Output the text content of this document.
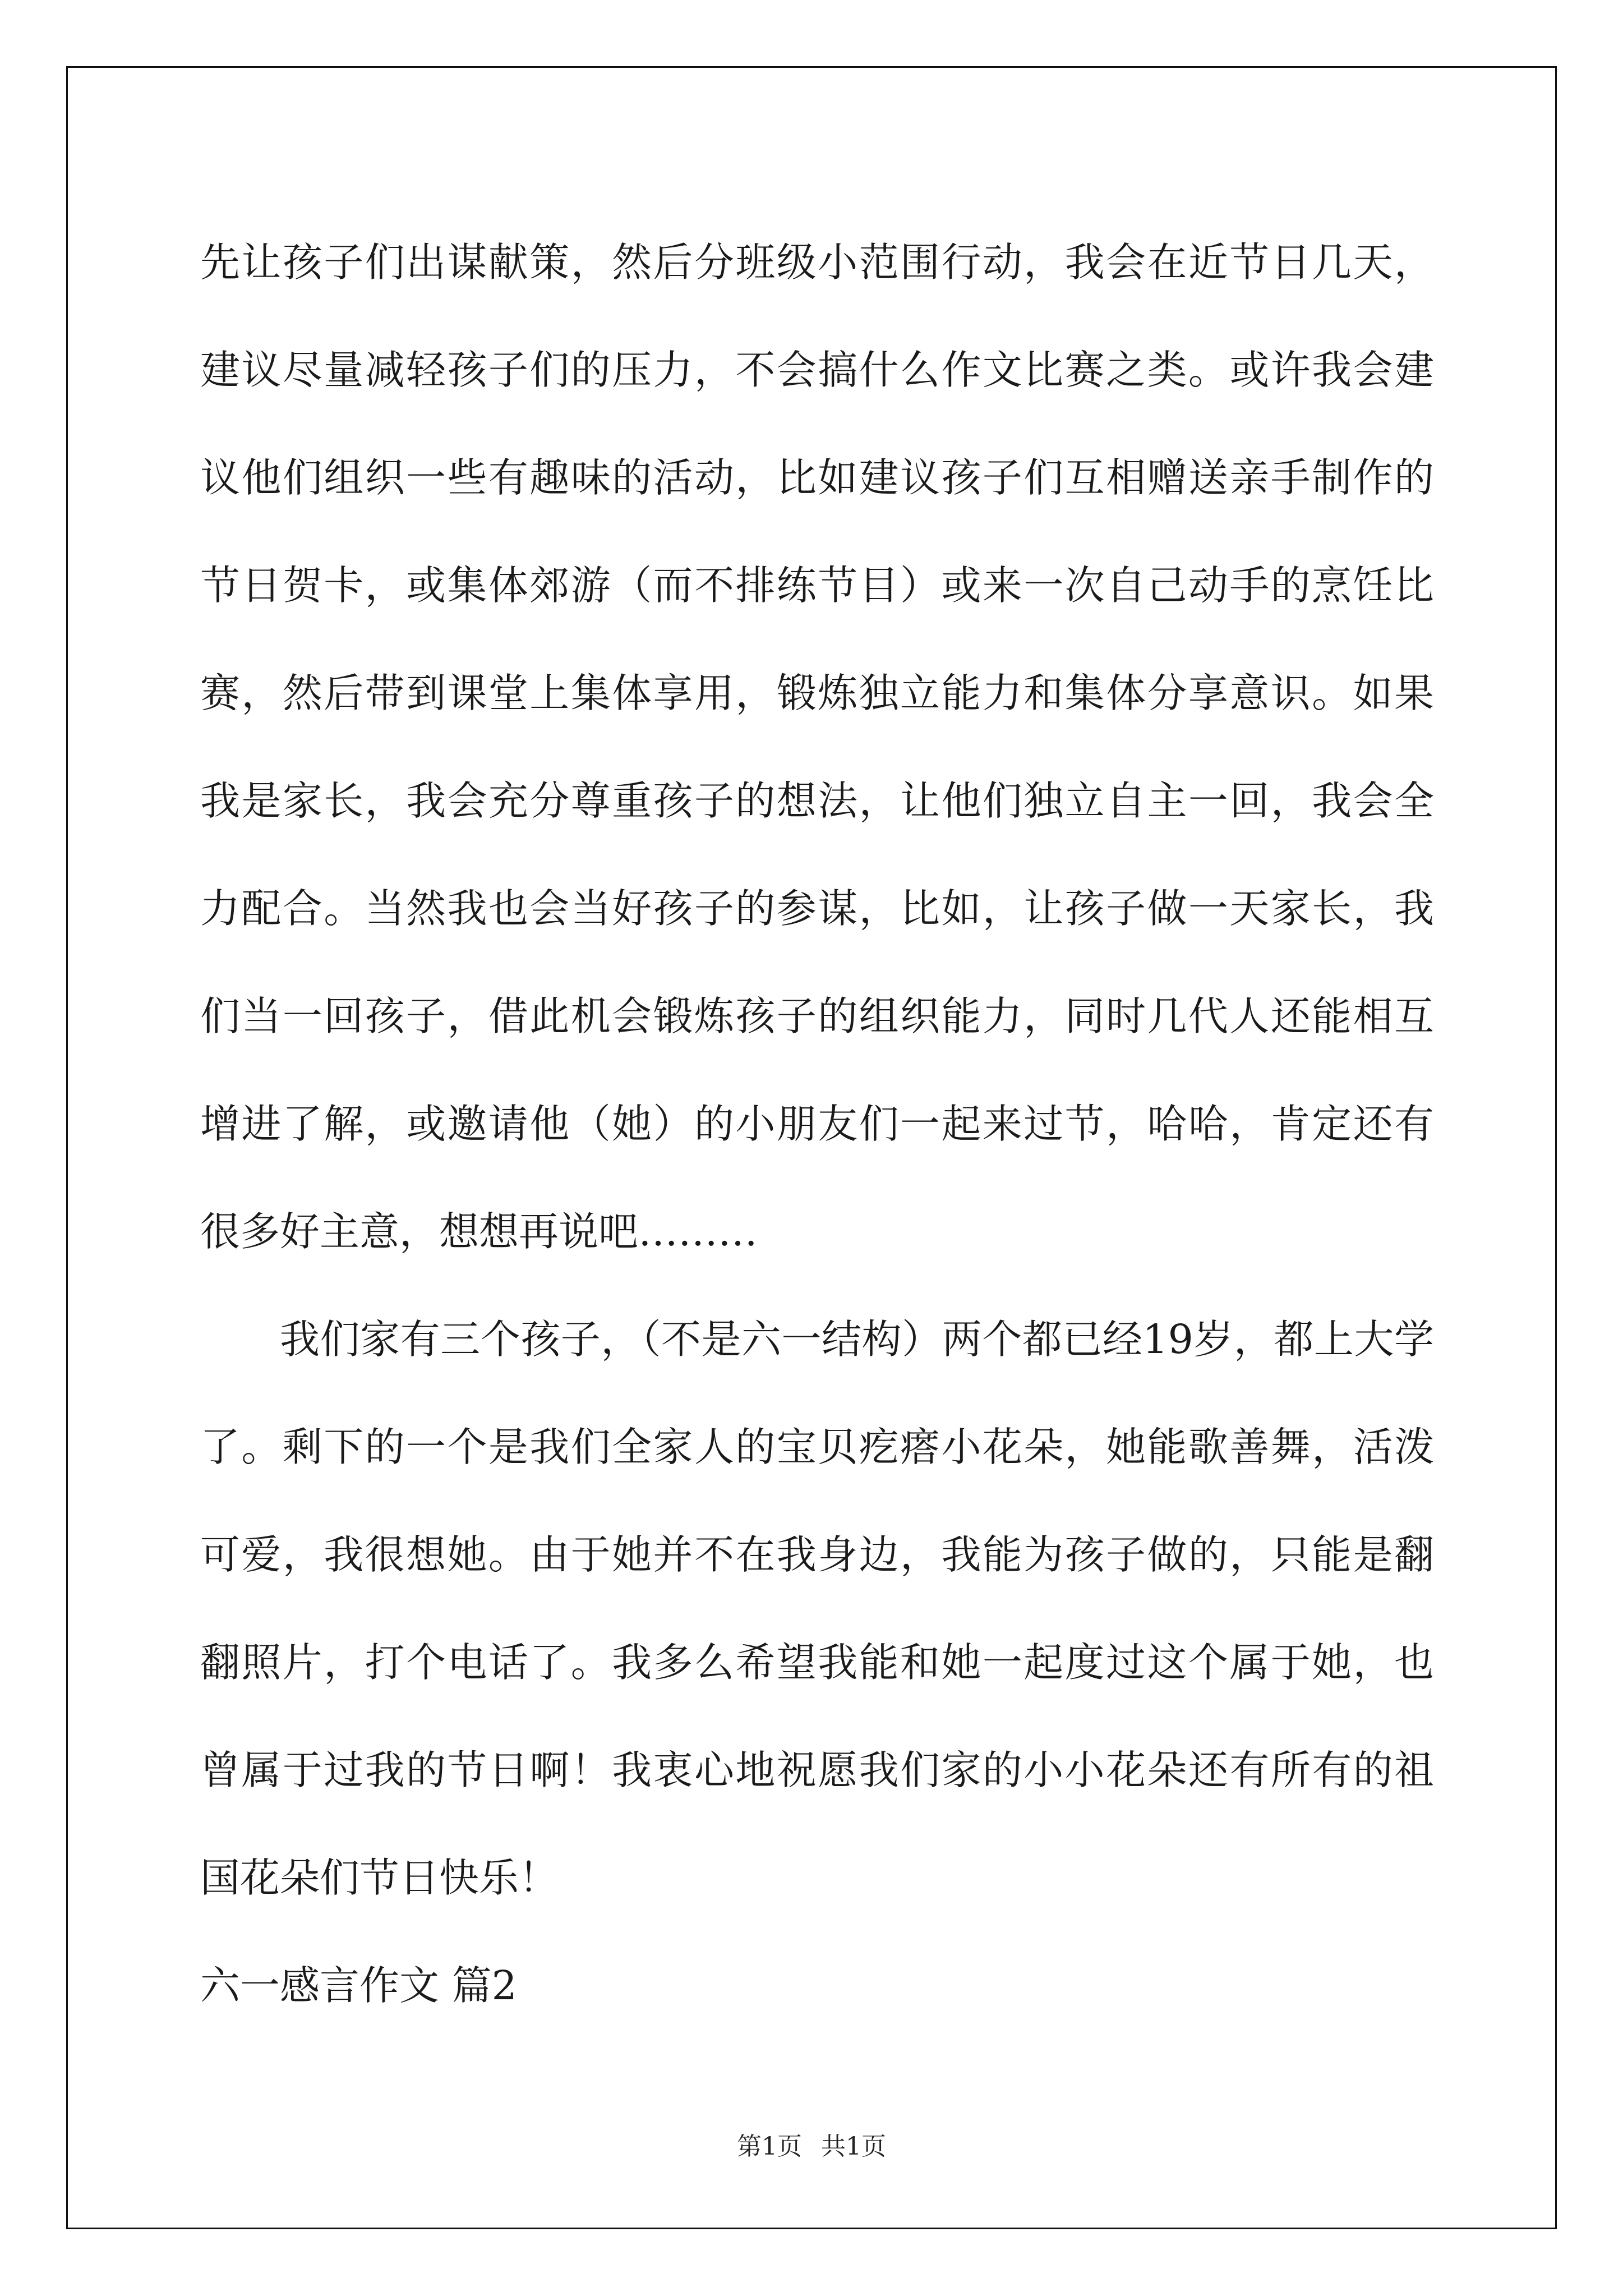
先让孩子们出谋献策，然后分班级小范围行动，我会在近节日几天，建议尽量减轻孩子们的压力，不会搞什么作文比赛之类。或许我会建议他们组织一些有趣味的活动，比如建议孩子们互相赠送亲手制作的节日贺卡，或集体郊游（而不排练节目）或来一次自己动手的烹饪比赛，然后带到课堂上集体享用，锻炼独立能力和集体分享意识。如果我是家长，我会充分尊重孩子的想法，让他们独立自主一回，我会全力配合。当然我也会当好孩子的参谋，比如，让孩子做一天家长，我们当一回孩子，借此机会锻炼孩子的组织能力，同时几代人还能相互增进了解，或邀请他（她）的小朋友们一起来过节，哈哈，肯定还有很多好主意，想想再说吧………

我们家有三个孩子，（不是六一结构）两个都已经19岁，都上大学了。剩下的一个是我们全家人的宝贝疙瘩小花朵，她能歌善舞，活泼可爱，我很想她。由于她并不在我身边，我能为孩子做的，只能是翻翻照片，打个电话了。我多么希望我能和她一起度过这个属于她，也曾属于过我的节日啊！我衷心地祝愿我们家的小小花朵还有所有的祖国花朵们节日快乐！

六一感言作文 篇2

第1页 共1页
